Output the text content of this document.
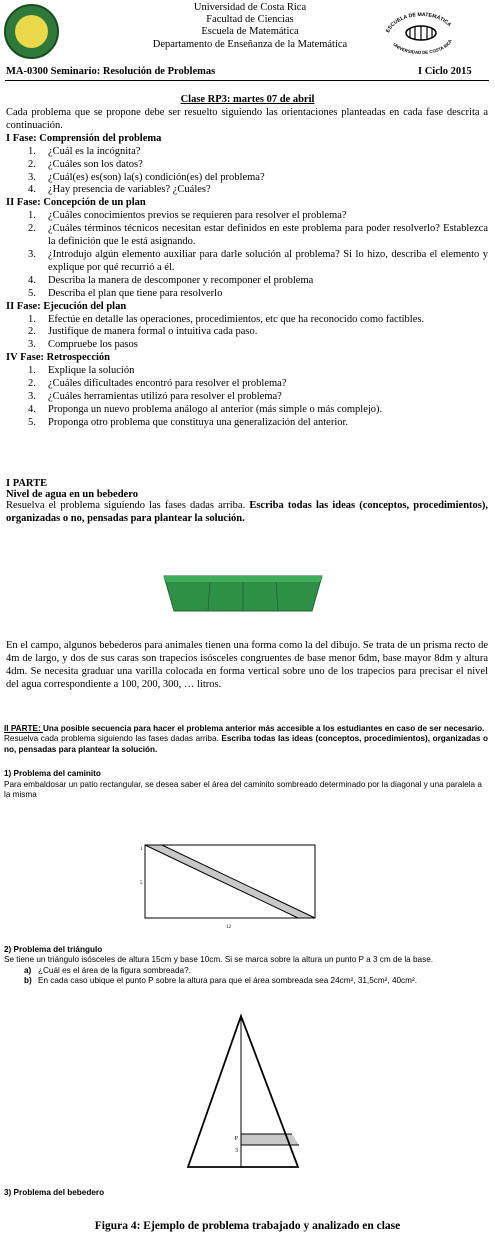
Universidad de Costa Rica
Facultad de Ciencias
Escuela de Matemática
Departamento de Enseñanza de la Matemática
ESCUELA DE MATEMÁTICA
UNIVERSIDAD DE COSTA RICA
MA-0300 Seminario: Resolución de Problemas	I Ciclo 2015
Clase RP3: martes 07 de abril
Cada problema que se propone debe ser resuelto siguiendo las orientaciones planteadas en cada fase descrita a continuación.
I Fase: Comprensión del problema
1. ¿Cuál es la incógnita?
2. ¿Cuáles son los datos?
3. ¿Cuál(es) es(son) la(s) condición(es) del problema?
4. ¿Hay presencia de variables? ¿Cuáles?
II Fase: Concepción de un plan
1. ¿Cuáles conocimientos previos se requieren para resolver el problema?
2. ¿Cuáles términos técnicos necesitan estar definidos en este problema para poder resolverlo? Establezca la definición que le está asignando.
3. ¿Introdujo algún elemento auxiliar para darle solución al problema? Si lo hizo, describa el elemento y explique por qué recurrió a él.
4. Describa la manera de descomponer y recomponer el problema
5. Describa el plan que tiene para resolverlo
II Fase: Ejecución del plan
1. Efectúe en detalle las operaciones, procedimientos, etc que ha reconocido como factibles.
2. Justifique de manera formal o intuitiva cada paso.
3. Compruebe los pasos
IV Fase: Retrospección
1. Explique la solución
2. ¿Cuáles dificultades encontró para resolver el problema?
3. ¿Cuáles herramientas utilizó para resolver el problema?
4. Proponga un nuevo problema análogo al anterior (más simple o más complejo).
5. Proponga otro problema que constituya una generalización del anterior.
I PARTE
Nivel de agua en un bebedero
Resuelva el problema siguiendo las fases dadas arriba. Escriba todas las ideas (conceptos, procedimientos), organizadas o no, pensadas para plantear la solución.
En el campo, algunos bebederos para animales tienen una forma como la del dibujo. Se trata de un prisma recto de 4m de largo, y dos de sus caras son trapecios isósceles congruentes de base menor 6dm, base mayor 8dm y altura 4dm. Se necesita graduar una varilla colocada en forma vertical sobre uno de los trapecios para precisar el nivel del agua correspondiente a 100, 200, 300, … litros.
II PARTE: Una posible secuencia para hacer el problema anterior más accesible a los estudiantes en caso de ser necesario.
Resuelva cada problema siguiendo las fases dadas arriba. Escriba todas las ideas (conceptos, procedimientos), organizadas o no, pensadas para plantear la solución.
1) Problema del caminito
Para embaldosar un patio rectangular, se desea saber el área del caminito sombreado determinado por la diagonal y una paralela a la misma
1
5
12
2) Problema del triángulo
Se tiene un triángulo isósceles de altura 15cm y base 10cm. Si se marca sobre la altura un punto P a 3 cm de la base.
a) ¿Cuál es el área de la figura sombreada?.
b) En cada caso ubique el punto P sobre la altura para que el área sombreada sea 24cm², 31,5cm², 40cm².
P
3
3) Problema del bebedero
Figura 4: Ejemplo de problema trabajado y analizado en clase
